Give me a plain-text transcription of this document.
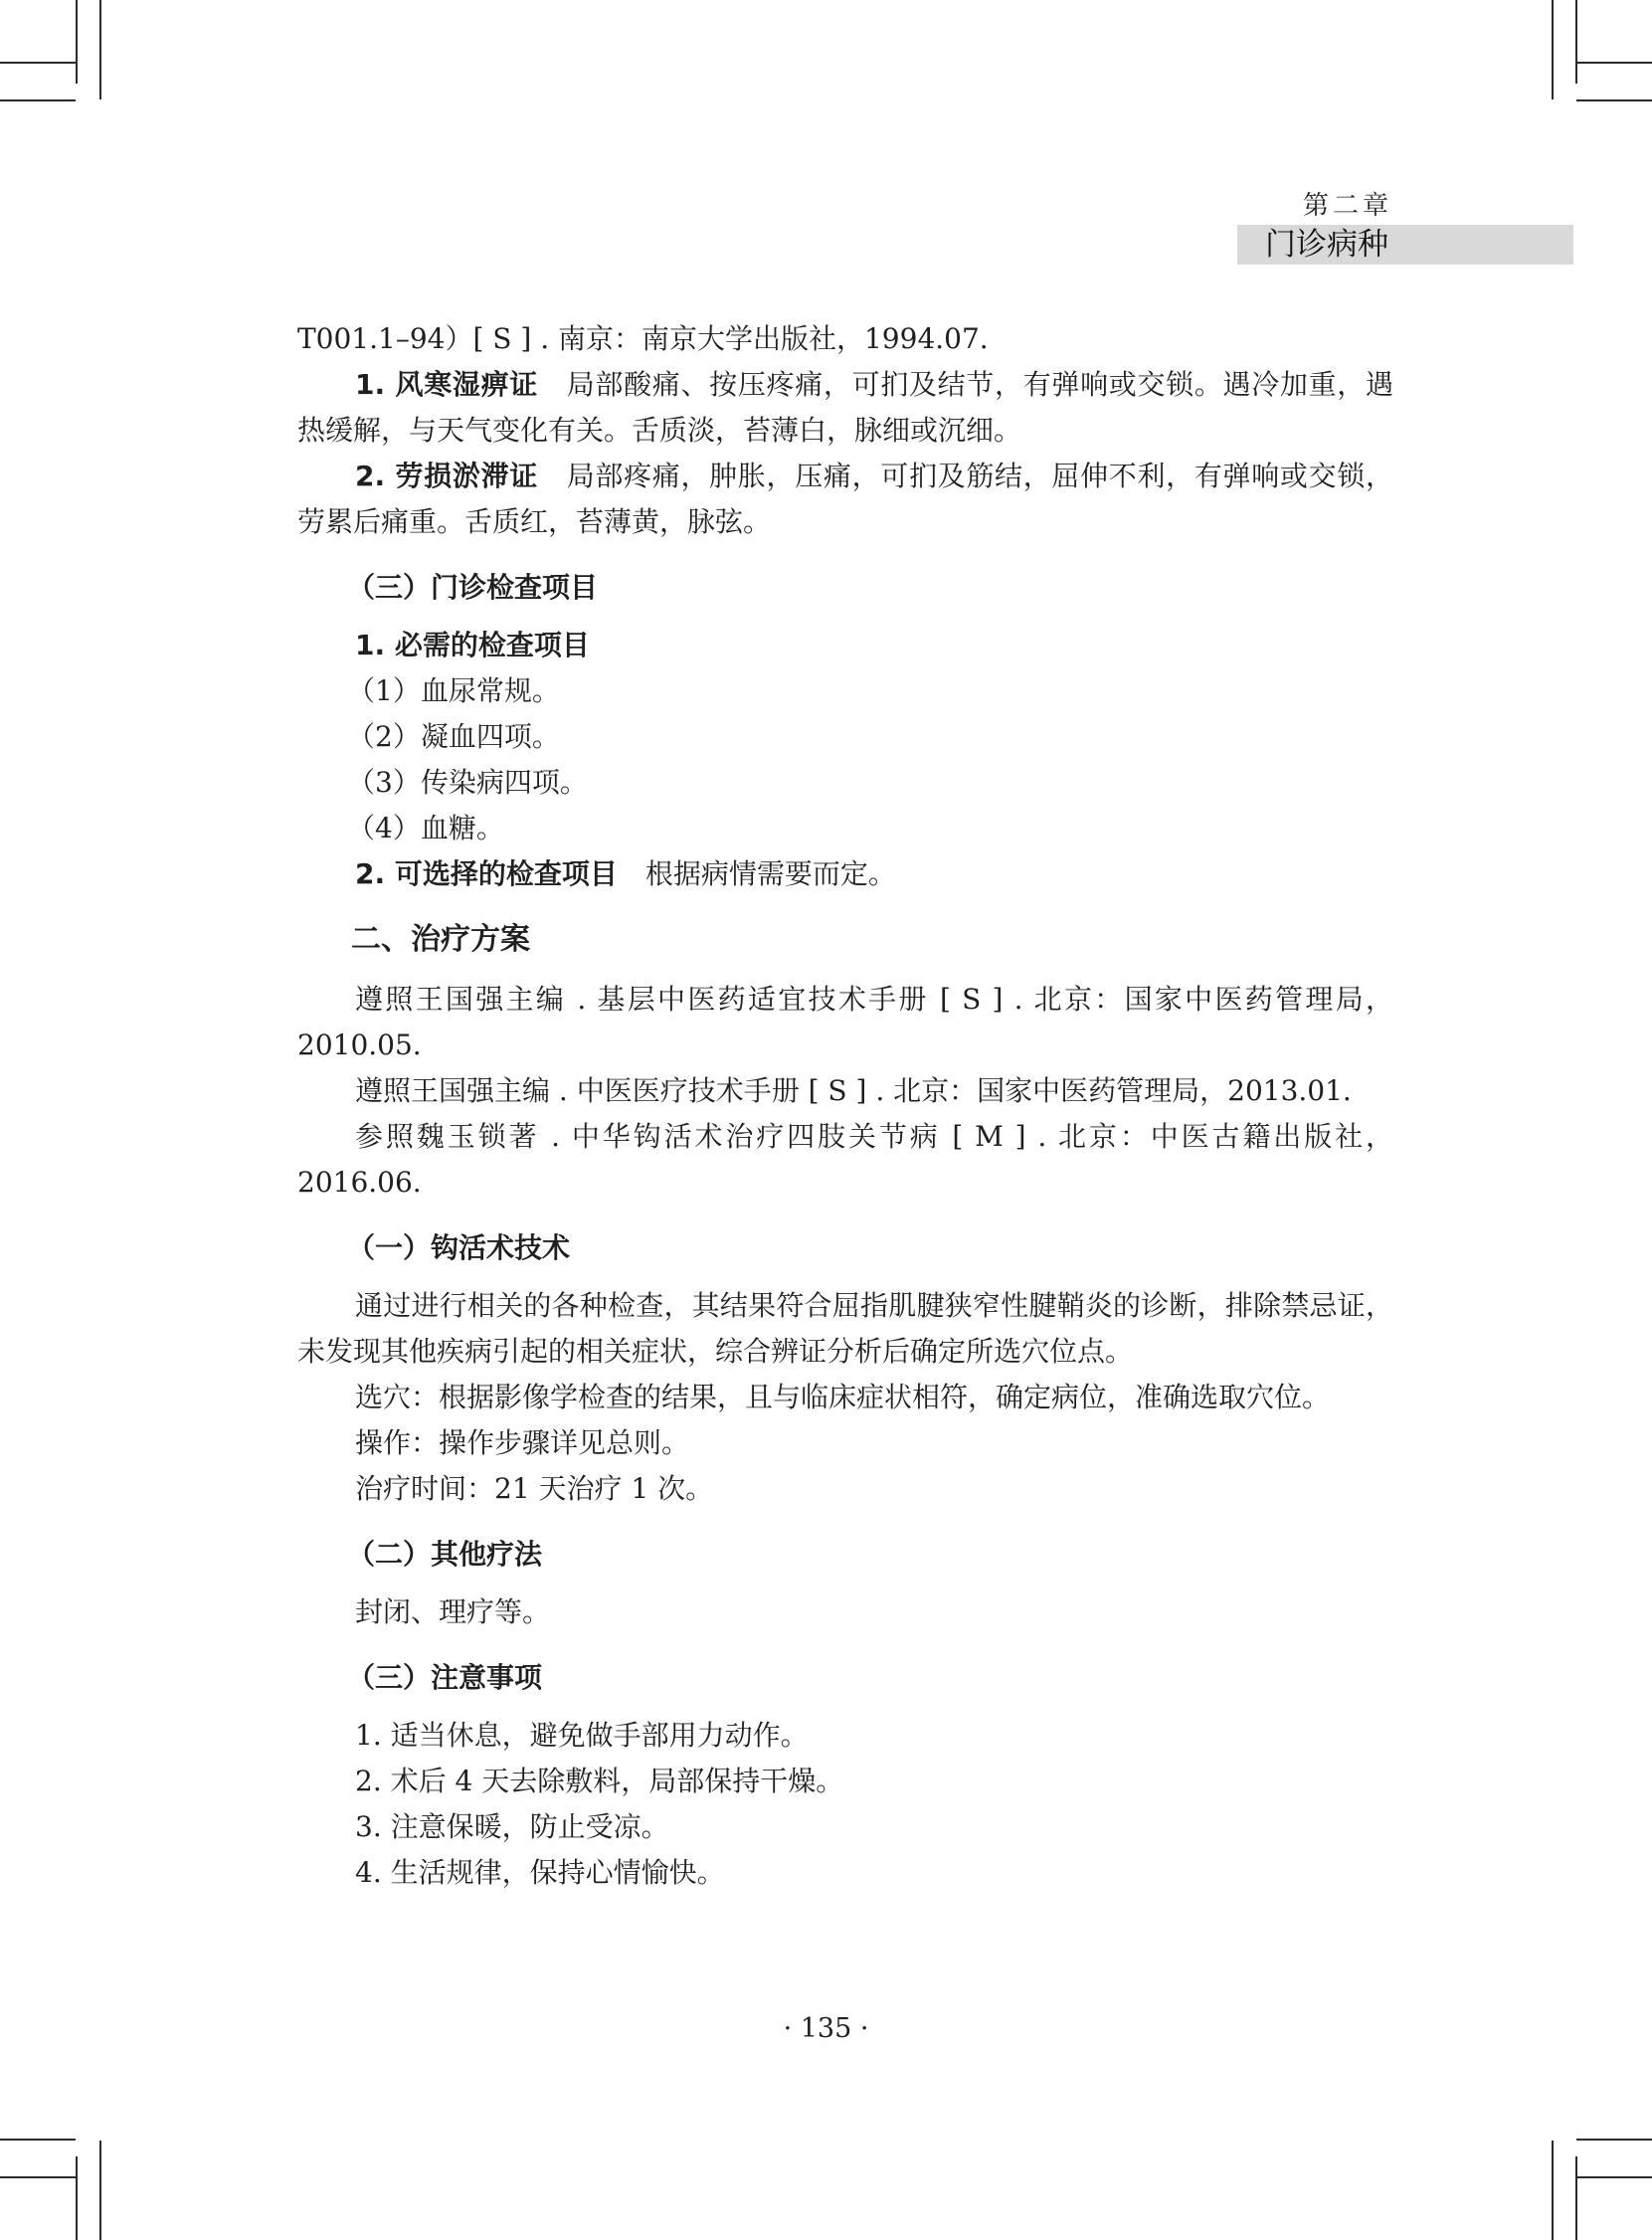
第二章
门诊病种

T001.1–94）[ S ] . 南京：南京大学出版社，1994.07.

1. 风寒湿痹证 局部酸痛、按压疼痛，可扪及结节，有弹响或交锁。遇冷加重，遇热缓解，与天气变化有关。舌质淡，苔薄白，脉细或沉细。

2. 劳损淤滞证 局部疼痛，肿胀，压痛，可扪及筋结，屈伸不利，有弹响或交锁，劳累后痛重。舌质红，苔薄黄，脉弦。

（三）门诊检查项目

1. 必需的检查项目

（1）血尿常规。

（2）凝血四项。

（3）传染病四项。

（4）血糖。

2. 可选择的检查项目 根据病情需要而定。

二、治疗方案

遵照王国强主编 . 基层中医药适宜技术手册 [ S ] . 北京：国家中医药管理局，2010.05.

遵照王国强主编 . 中医医疗技术手册 [ S ] . 北京：国家中医药管理局，2013.01.

参照魏玉锁著 . 中华钩活术治疗四肢关节病 [ M ] . 北京：中医古籍出版社，2016.06.

（一）钩活术技术

通过进行相关的各种检查，其结果符合屈指肌腱狭窄性腱鞘炎的诊断，排除禁忌证，未发现其他疾病引起的相关症状，综合辨证分析后确定所选穴位点。

选穴：根据影像学检查的结果，且与临床症状相符，确定病位，准确选取穴位。

操作：操作步骤详见总则。

治疗时间：21 天治疗 1 次。

（二）其他疗法

封闭、理疗等。

（三）注意事项

1. 适当休息，避免做手部用力动作。

2. 术后 4 天去除敷料，局部保持干燥。

3. 注意保暖，防止受凉。

4. 生活规律，保持心情愉快。

· 135 ·
